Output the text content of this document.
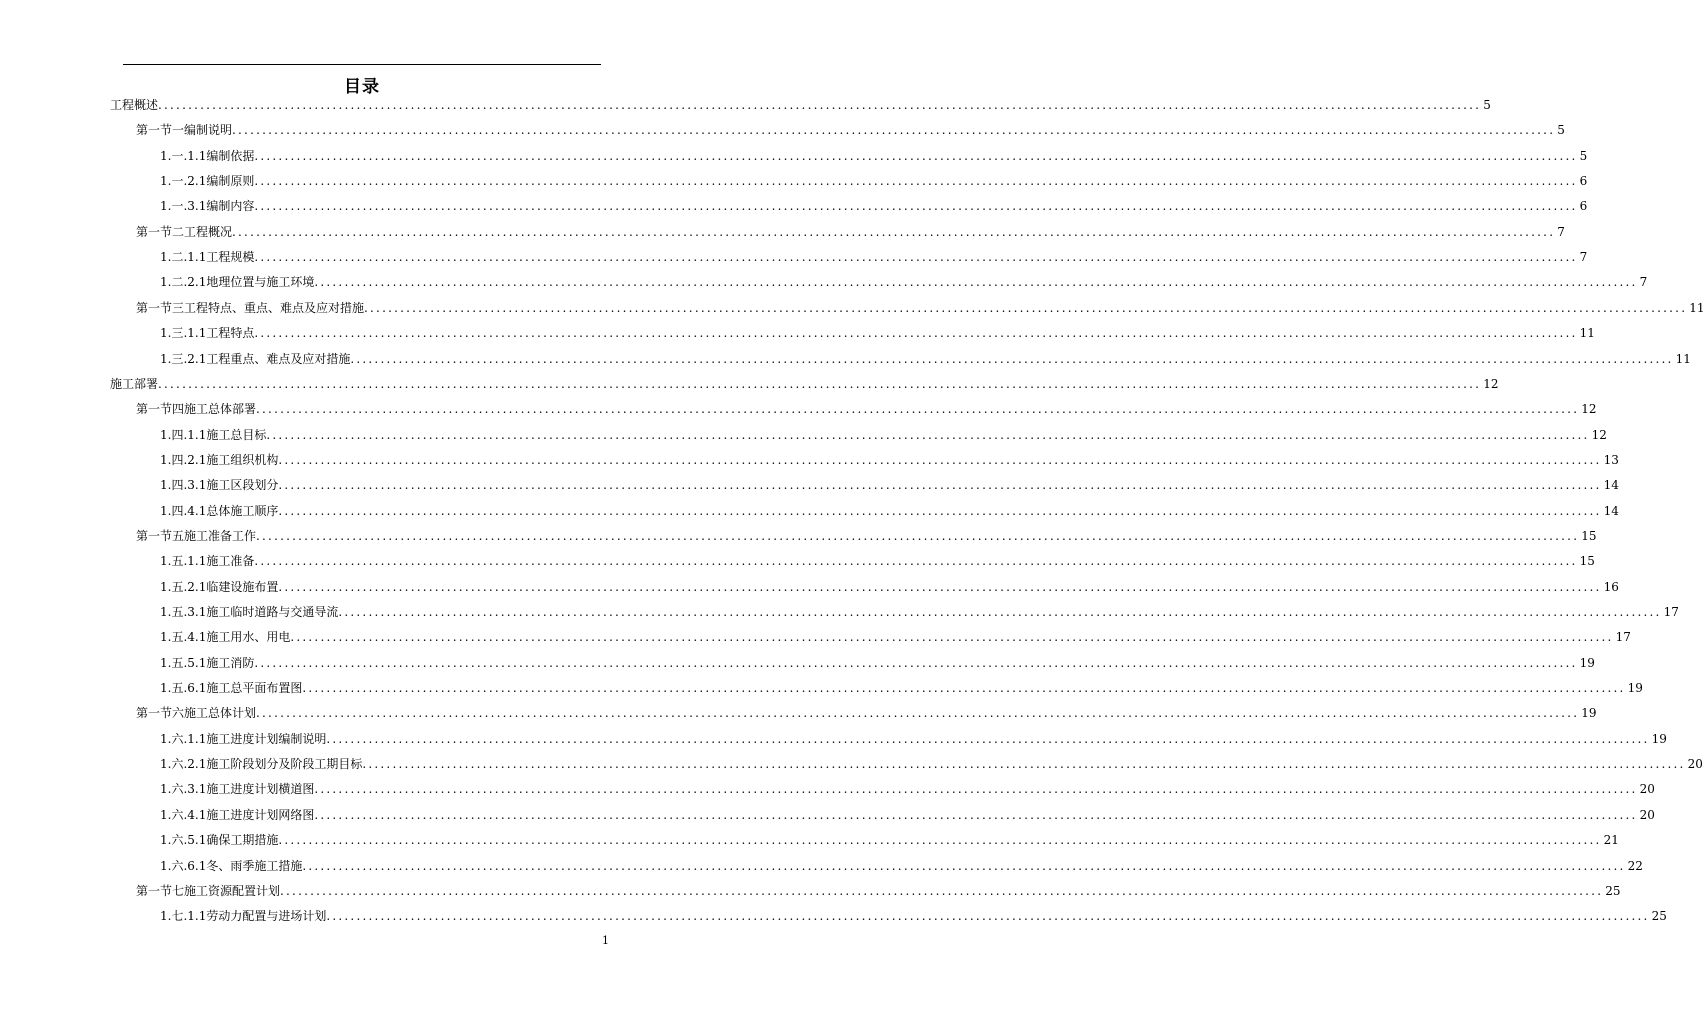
目录
工程概述 ............................................................................................................................................................................................................................ 5
第一节一 编制说明 ............................................................................................................................................................................................................................ 5
1.一.1.1 编制依据 ............................................................................................................................................................................................................................ 5
1.一.2.1 编制原则 ............................................................................................................................................................................................................................ 6
1.一.3.1 编制内容 ............................................................................................................................................................................................................................ 6
第一节二 工程概况 ............................................................................................................................................................................................................................ 7
1.二.1.1 工程规模 ............................................................................................................................................................................................................................ 7
1.二.2.1 地理位置与施工环境 ............................................................................................................................................................................................................................ 7
第一节三 工程特点、重点、难点及应对措施 ............................................................................................................................................................................................................................ 11
1.三.1.1 工程特点 ............................................................................................................................................................................................................................ 11
1.三.2.1 工程重点、难点及应对措施 ............................................................................................................................................................................................................................ 11
施工部署 ............................................................................................................................................................................................................................ 12
第一节四 施工总体部署 ............................................................................................................................................................................................................................ 12
1.四.1.1 施工总目标 ............................................................................................................................................................................................................................ 12
1.四.2.1 施工组织机构 ............................................................................................................................................................................................................................ 13
1.四.3.1 施工区段划分 ............................................................................................................................................................................................................................ 14
1.四.4.1 总体施工顺序 ............................................................................................................................................................................................................................ 14
第一节五 施工准备工作 ............................................................................................................................................................................................................................ 15
1.五.1.1 施工准备 ............................................................................................................................................................................................................................ 15
1.五.2.1 临建设施布置 ............................................................................................................................................................................................................................ 16
1.五.3.1 施工临时道路与交通导流 ............................................................................................................................................................................................................................ 17
1.五.4.1 施工用水、用电 ............................................................................................................................................................................................................................ 17
1.五.5.1 施工消防 ............................................................................................................................................................................................................................ 19
1.五.6.1 施工总平面布置图 ............................................................................................................................................................................................................................ 19
第一节六 施工总体计划 ............................................................................................................................................................................................................................ 19
1.六.1.1 施工进度计划编制说明 ............................................................................................................................................................................................................................ 19
1.六.2.1 施工阶段划分及阶段工期目标 ............................................................................................................................................................................................................................ 20
1.六.3.1 施工进度计划横道图 ............................................................................................................................................................................................................................ 20
1.六.4.1 施工进度计划网络图 ............................................................................................................................................................................................................................ 20
1.六.5.1 确保工期措施 ............................................................................................................................................................................................................................ 21
1.六.6.1 冬、雨季施工措施 ............................................................................................................................................................................................................................ 22
第一节七 施工资源配置计划 ............................................................................................................................................................................................................................ 25
1.七.1.1 劳动力配置与进场计划 ............................................................................................................................................................................................................................ 25
1
